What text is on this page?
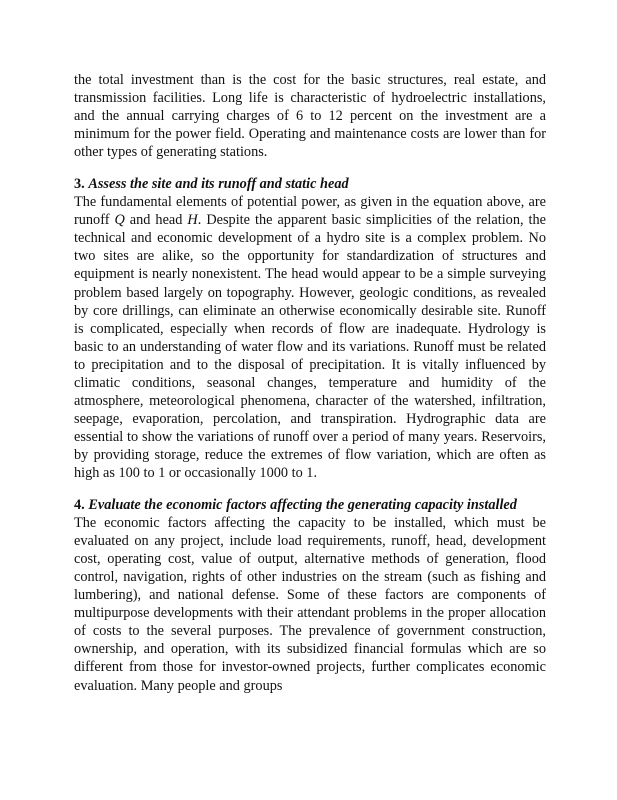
the total investment than is the cost for the basic structures, real estate, and transmission facilities. Long life is characteristic of hydroelectric installations, and the annual carrying charges of 6 to 12 percent on the investment are a minimum for the power field. Operating and maintenance costs are lower than for other types of generating stations.

3. Assess the site and its runoff and static head

The fundamental elements of potential power, as given in the equation above, are runoff Q and head H. Despite the apparent basic simplicities of the relation, the technical and economic development of a hydro site is a complex problem. No two sites are alike, so the opportunity for standardization of structures and equipment is nearly nonexistent. The head would appear to be a simple surveying problem based largely on topography. However, geologic conditions, as revealed by core drillings, can eliminate an otherwise economically desirable site. Runoff is complicated, especially when records of flow are inadequate. Hydrology is basic to an understanding of water flow and its variations. Runoff must be related to precipitation and to the disposal of precipitation. It is vitally influenced by climatic conditions, seasonal changes, temperature and humidity of the atmosphere, meteorological phenomena, character of the watershed, infiltration, seepage, evaporation, percolation, and transpiration. Hydrographic data are essential to show the variations of runoff over a period of many years. Reservoirs, by providing storage, reduce the extremes of flow variation, which are often as high as 100 to 1 or occasionally 1000 to 1.

4. Evaluate the economic factors affecting the generating capacity installed

The economic factors affecting the capacity to be installed, which must be evaluated on any project, include load requirements, runoff, head, development cost, operating cost, value of output, alternative methods of generation, flood control, navigation, rights of other industries on the stream (such as fishing and lumbering), and national defense. Some of these factors are components of multipurpose developments with their attendant problems in the proper allocation of costs to the several purposes. The prevalence of government construction, ownership, and operation, with its subsidized financial formulas which are so different from those for investor-owned projects, further complicates economic evaluation. Many people and groups
